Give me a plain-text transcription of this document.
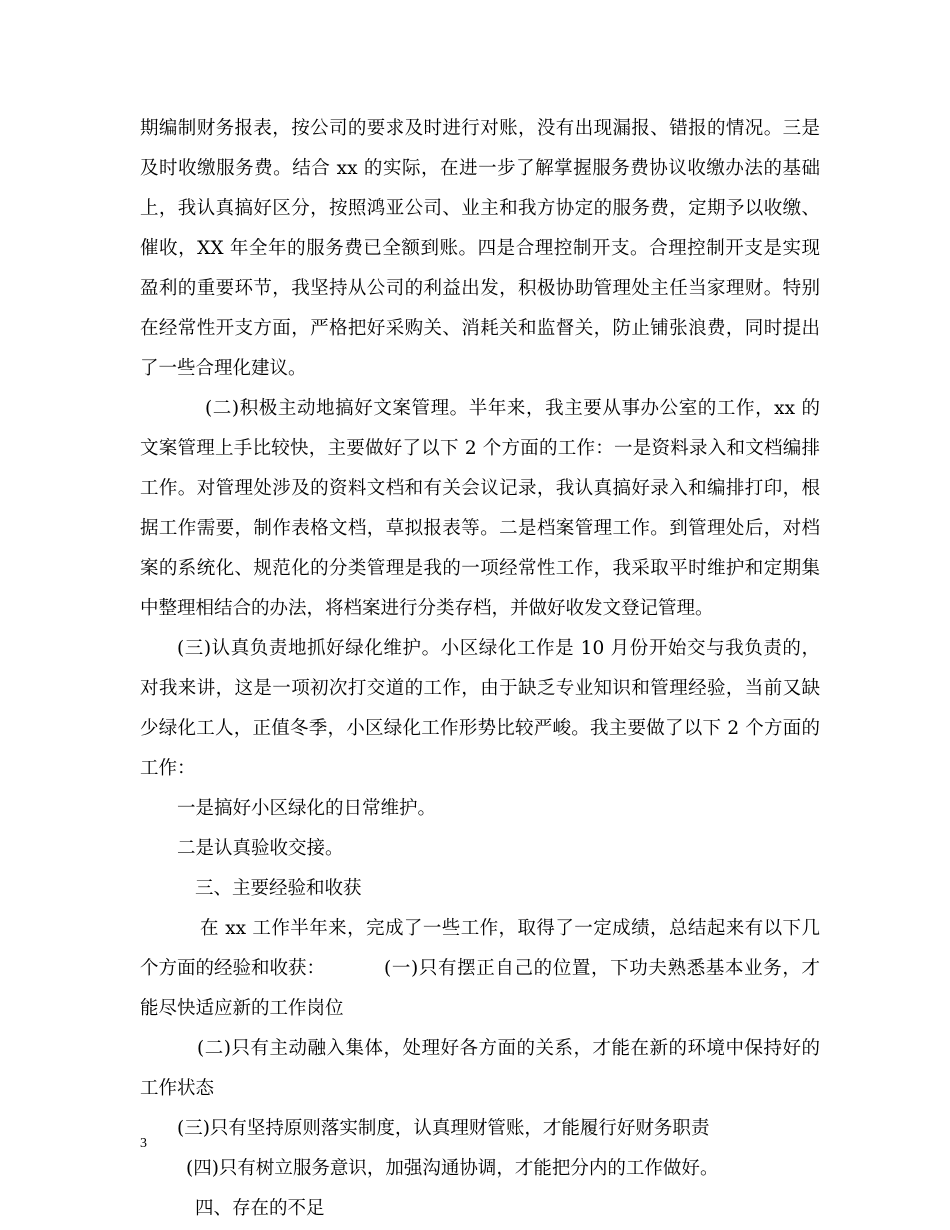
期编制财务报表，按公司的要求及时进行对账，没有出现漏报、错报的情况。三是
及时收缴服务费。结合 xx 的实际，在进一步了解掌握服务费协议收缴办法的基础
上，我认真搞好区分，按照鸿亚公司、业主和我方协定的服务费，定期予以收缴、
催收，XX 年全年的服务费已全额到账。四是合理控制开支。合理控制开支是实现
盈利的重要环节，我坚持从公司的利益出发，积极协助管理处主任当家理财。特别
在经常性开支方面，严格把好采购关、消耗关和监督关，防止铺张浪费，同时提出
了一些合理化建议。
(二)积极主动地搞好文案管理。半年来，我主要从事办公室的工作，xx 的
文案管理上手比较快，主要做好了以下 2 个方面的工作：一是资料录入和文档编排
工作。对管理处涉及的资料文档和有关会议记录，我认真搞好录入和编排打印，根
据工作需要，制作表格文档，草拟报表等。二是档案管理工作。到管理处后，对档
案的系统化、规范化的分类管理是我的一项经常性工作，我采取平时维护和定期集
中整理相结合的办法，将档案进行分类存档，并做好收发文登记管理。
(三)认真负责地抓好绿化维护。小区绿化工作是 10 月份开始交与我负责的，
对我来讲，这是一项初次打交道的工作，由于缺乏专业知识和管理经验，当前又缺
少绿化工人，正值冬季，小区绿化工作形势比较严峻。我主要做了以下 2 个方面的
工作：
一是搞好小区绿化的日常维护。
二是认真验收交接。
三、主要经验和收获
在 xx 工作半年来，完成了一些工作，取得了一定成绩，总结起来有以下几
个方面的经验和收获：	(一)只有摆正自己的位置，下功夫熟悉基本业务，才
能尽快适应新的工作岗位
(二)只有主动融入集体，处理好各方面的关系，才能在新的环境中保持好的
工作状态
(三)只有坚持原则落实制度，认真理财管账，才能履行好财务职责
(四)只有树立服务意识，加强沟通协调，才能把分内的工作做好。
四、存在的不足
3
